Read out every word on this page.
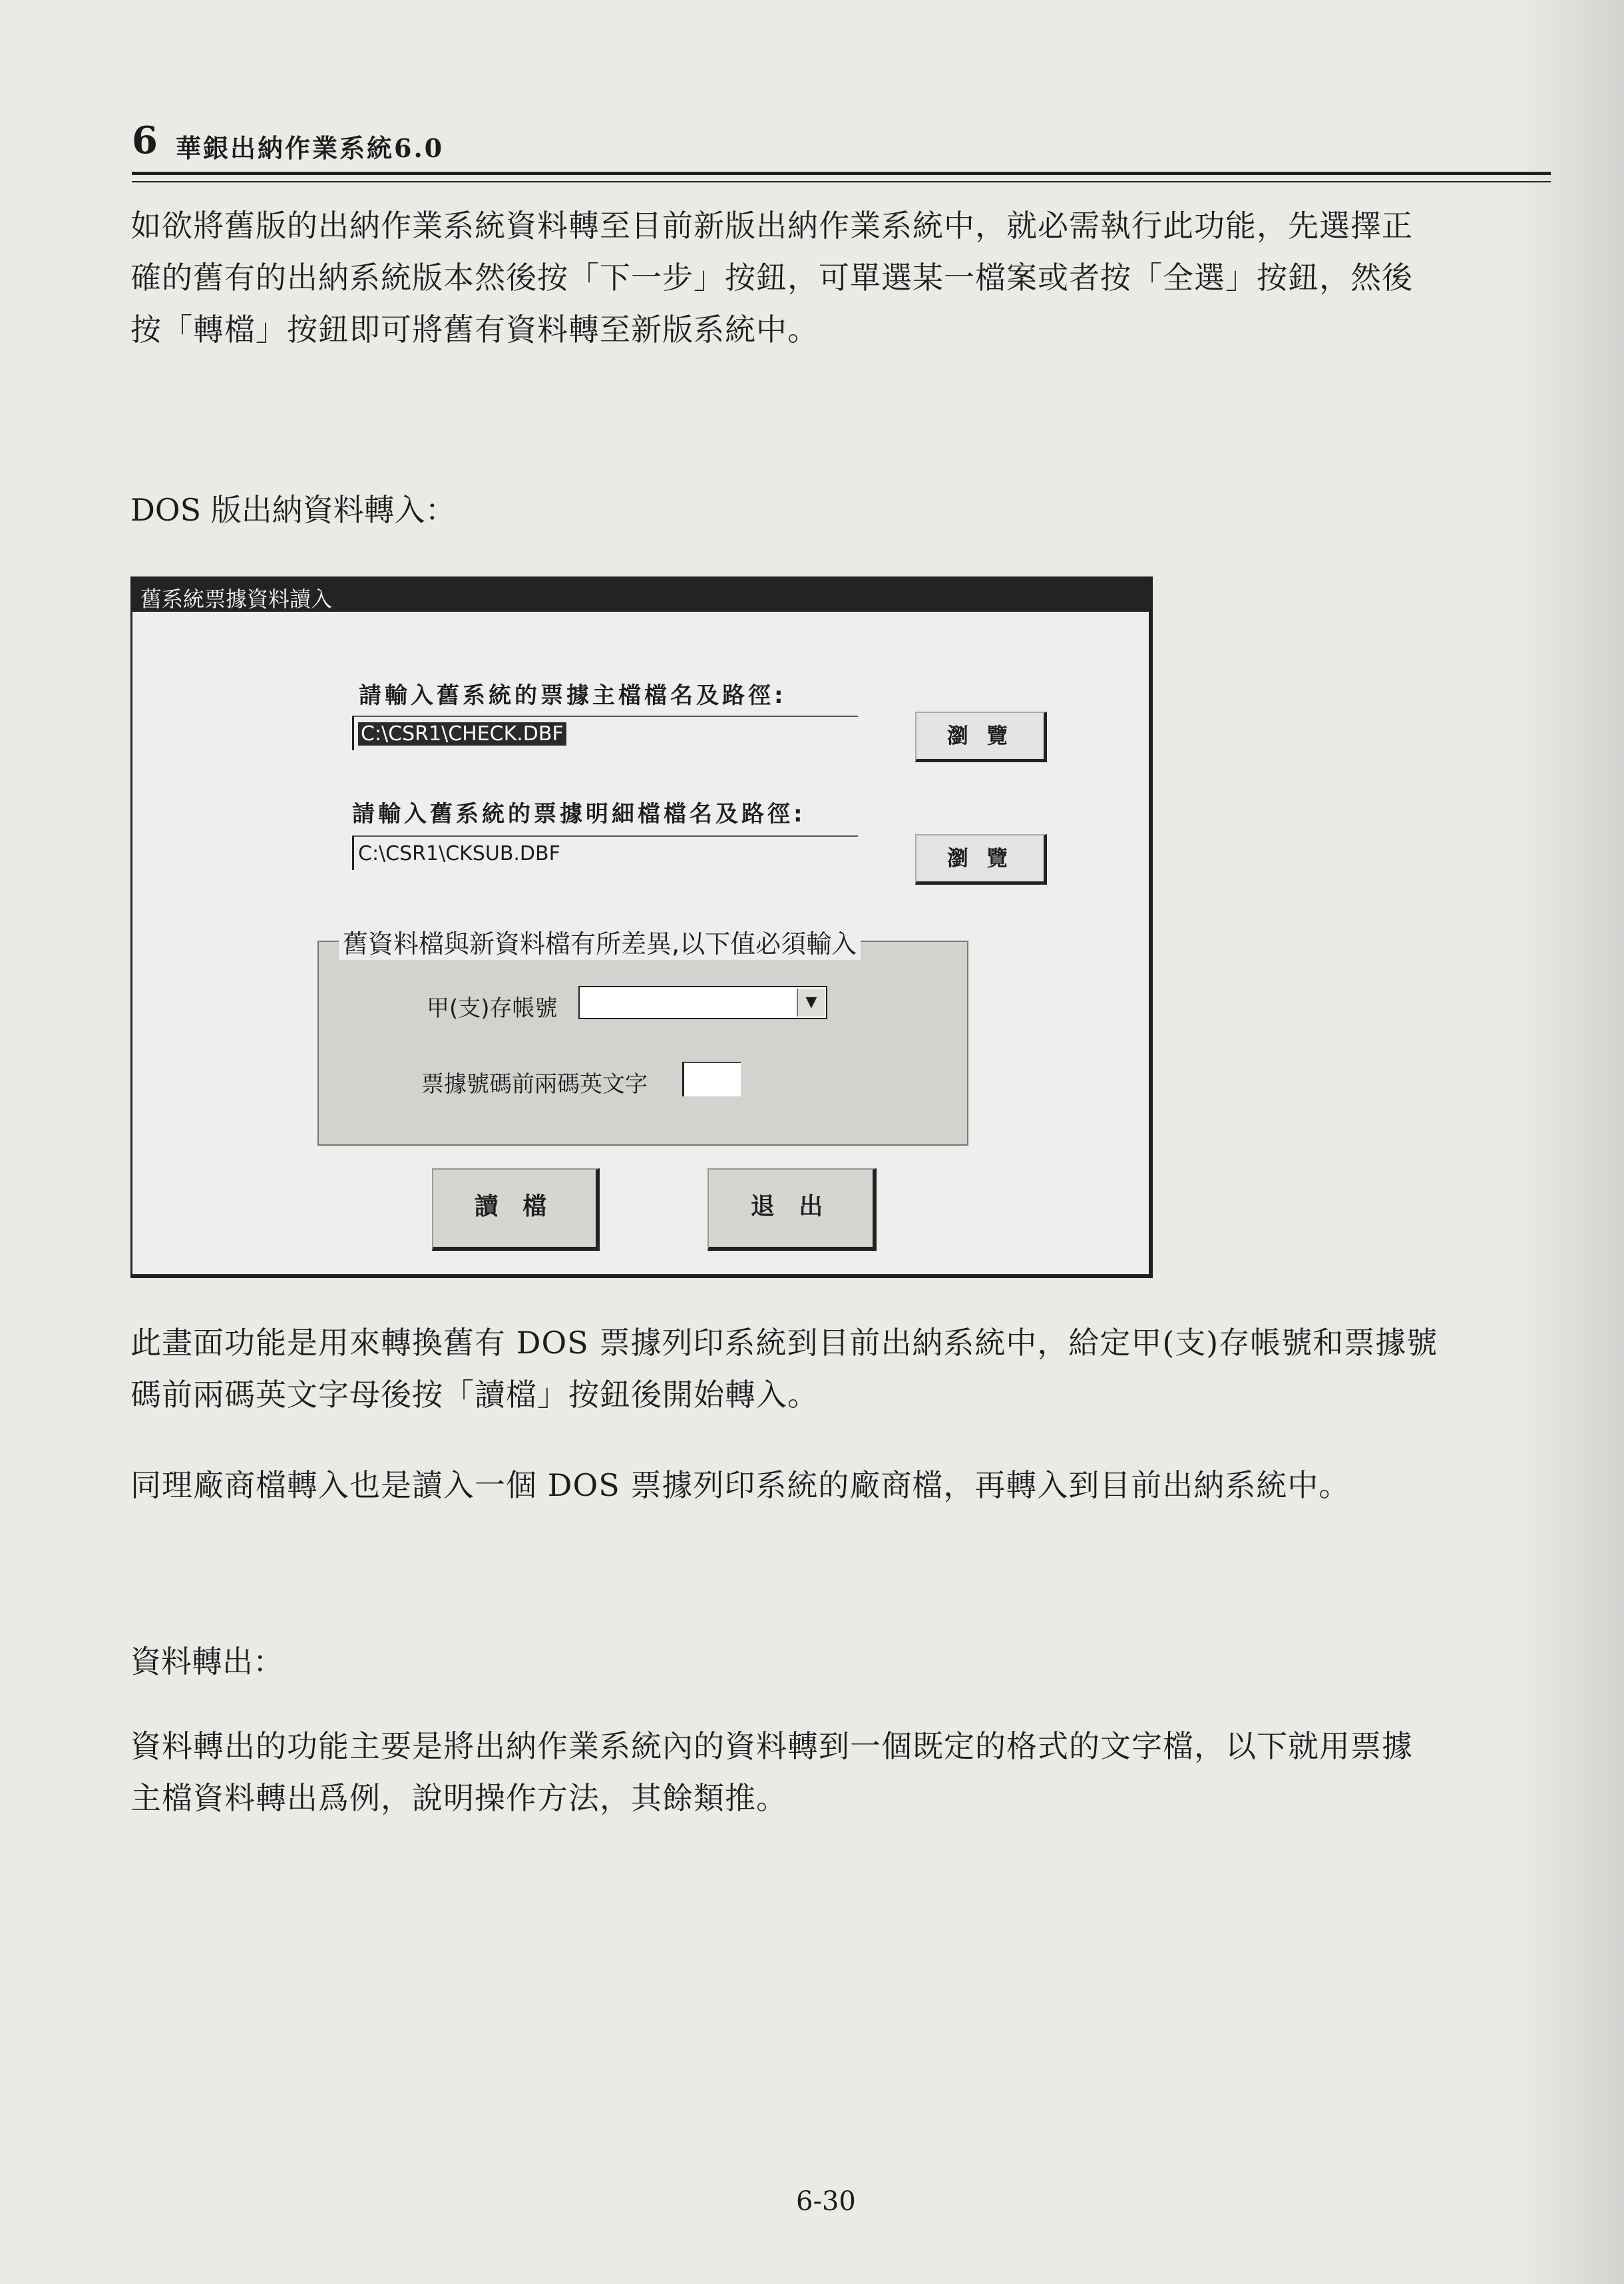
6 華銀出納作業系統6.0
如欲將舊版的出納作業系統資料轉至目前新版出納作業系統中，就必需執行此功能，先選擇正
確的舊有的出納系統版本然後按「下一步」按鈕，可單選某一檔案或者按「全選」按鈕，然後
按「轉檔」按鈕即可將舊有資料轉至新版系統中。

DOS 版出納資料轉入：

舊系統票據資料讀入
請輸入舊系統的票據主檔檔名及路徑:
C:\CSR1\CHECK.DBF	瀏 覽
請輸入舊系統的票據明細檔檔名及路徑:
C:\CSR1\CKSUB.DBF	瀏 覽
舊資料檔與新資料檔有所差異,以下值必須輸入
甲(支)存帳號	▼
票據號碼前兩碼英文字
讀 檔	退 出
此畫面功能是用來轉換舊有 DOS 票據列印系統到目前出納系統中，給定甲(支)存帳號和票據號
碼前兩碼英文字母後按「讀檔」按鈕後開始轉入。
同理廠商檔轉入也是讀入一個 DOS 票據列印系統的廠商檔，再轉入到目前出納系統中。

資料轉出：

資料轉出的功能主要是將出納作業系統內的資料轉到一個既定的格式的文字檔，以下就用票據
主檔資料轉出爲例，說明操作方法，其餘類推。
6-30
